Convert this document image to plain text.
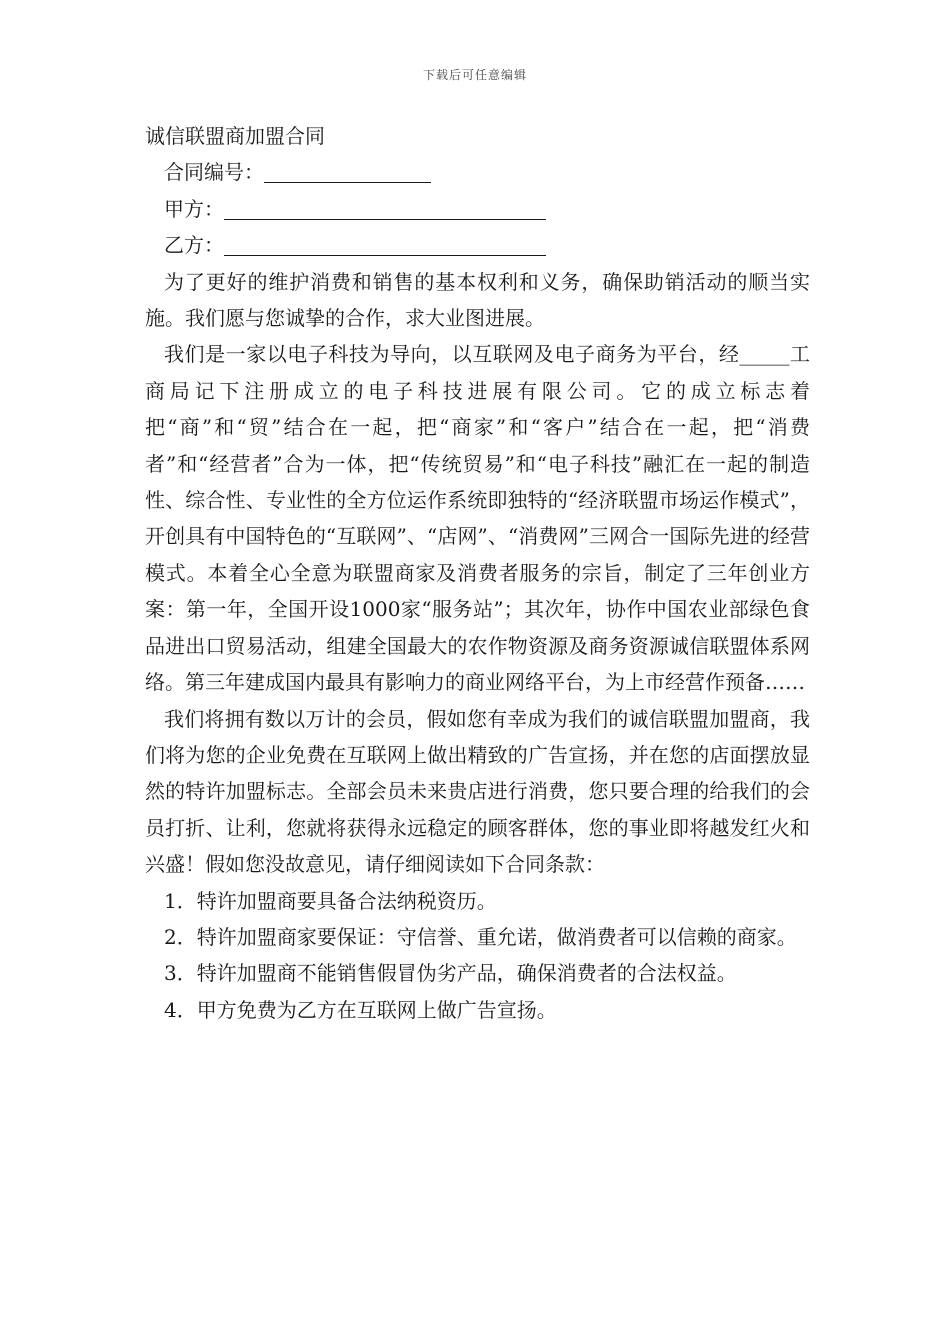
下载后可任意编辑

诚信联盟商加盟合同

合同编号：

甲方：

乙方：

为了更好的维护消费和销售的基本权利和义务，确保助销活动的顺当实施。我们愿与您诚挚的合作，求大业图进展。

我们是一家以电子科技为导向，以互联网及电子商务为平台，经_____工商局记下注册成立的电子科技进展有限公司。它的成立标志着把“商”和“贸”结合在一起，把“商家”和“客户”结合在一起，把“消费者”和“经营者”合为一体，把“传统贸易”和“电子科技”融汇在一起的制造性、综合性、专业性的全方位运作系统即独特的“经济联盟市场运作模式”，开创具有中国特色的“互联网”、“店网”、“消费网”三网合一国际先进的经营模式。本着全心全意为联盟商家及消费者服务的宗旨，制定了三年创业方案：第一年，全国开设1000家“服务站”；其次年，协作中国农业部绿色食品进出口贸易活动，组建全国最大的农作物资源及商务资源诚信联盟体系网络。第三年建成国内最具有影响力的商业网络平台，为上市经营作预备……

我们将拥有数以万计的会员，假如您有幸成为我们的诚信联盟加盟商，我们将为您的企业免费在互联网上做出精致的广告宣扬，并在您的店面摆放显然的特许加盟标志。全部会员未来贵店进行消费，您只要合理的给我们的会员打折、让利，您就将获得永远稳定的顾客群体，您的事业即将越发红火和兴盛！假如您没故意见，请仔细阅读如下合同条款：

1．特许加盟商要具备合法纳税资历。

2．特许加盟商家要保证：守信誉、重允诺，做消费者可以信赖的商家。

3．特许加盟商不能销售假冒伪劣产品，确保消费者的合法权益。

4．甲方免费为乙方在互联网上做广告宣扬。
